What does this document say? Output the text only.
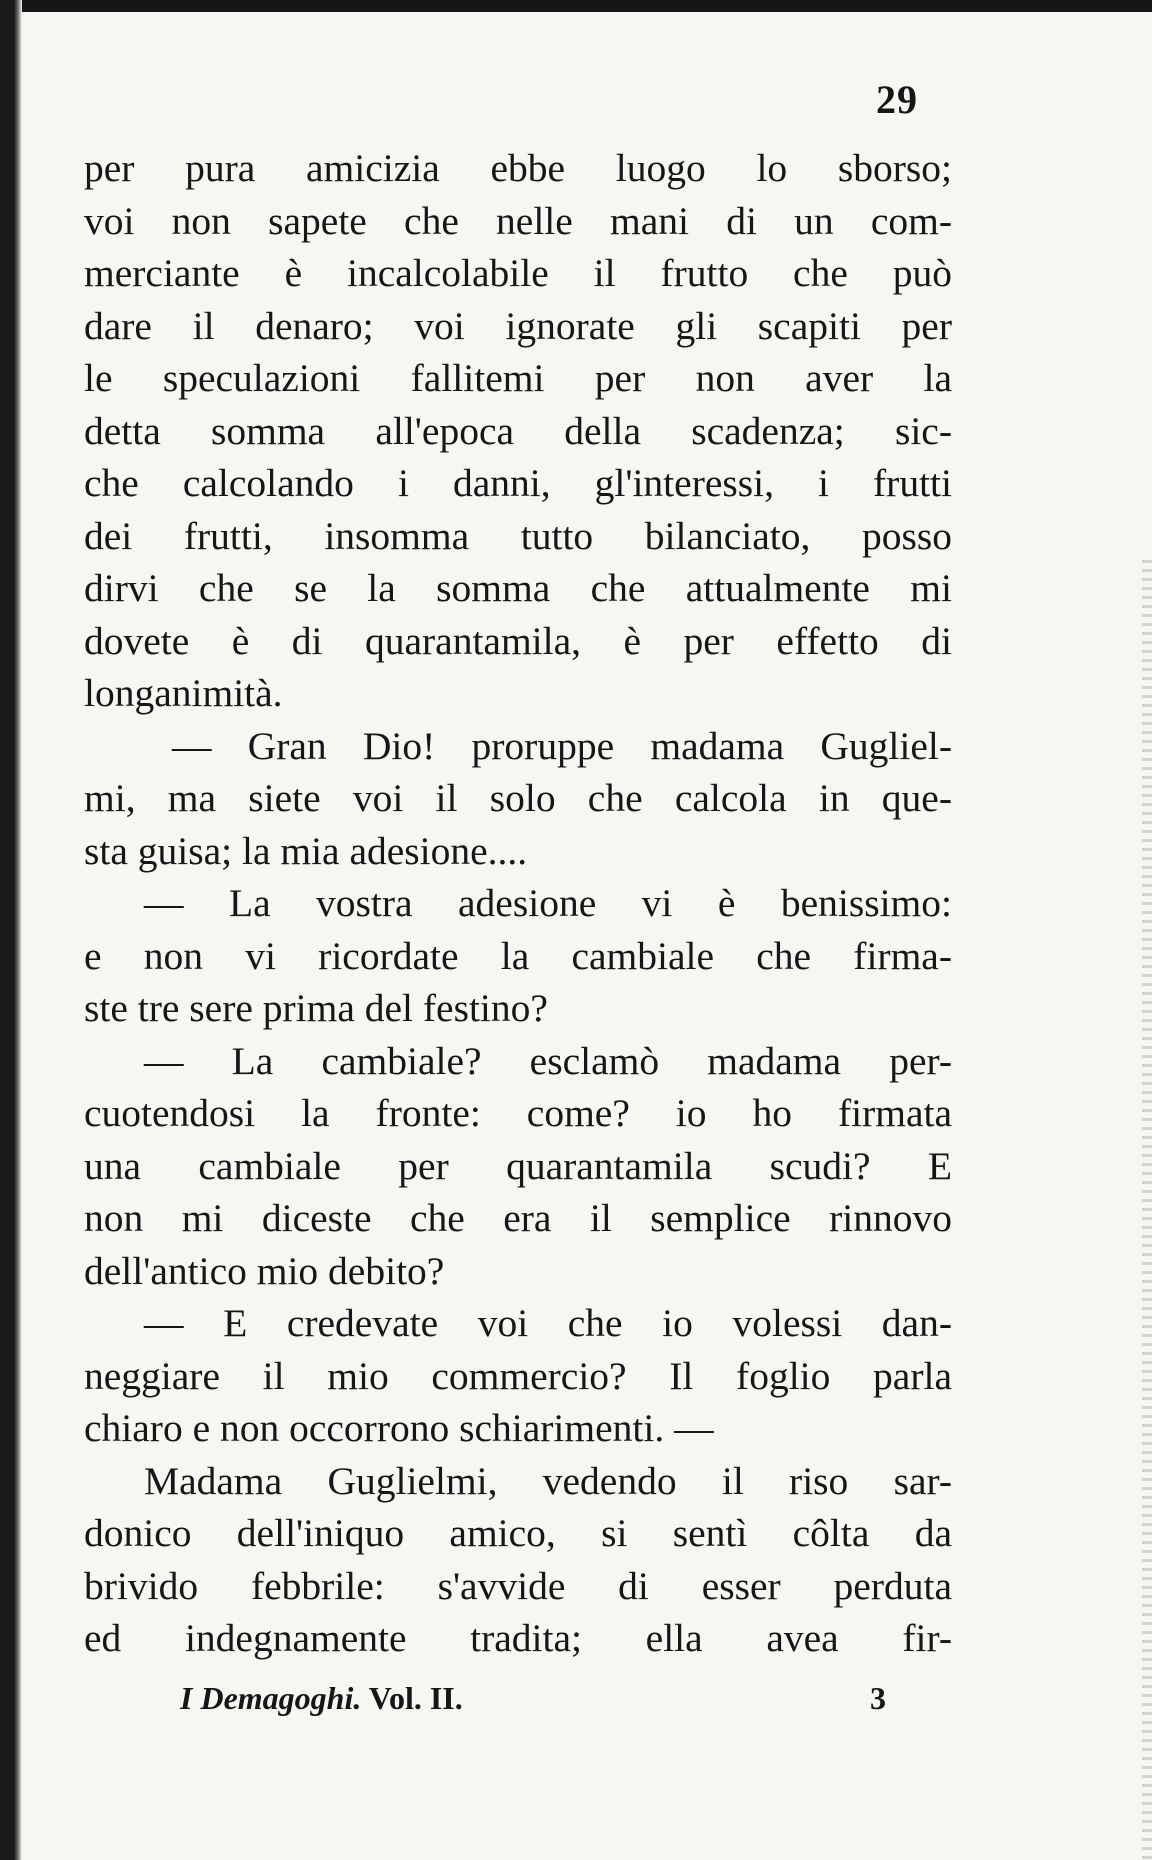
29
per pura amicizia ebbe luogo lo sborso;
voi non sapete che nelle mani di un com-
merciante è incalcolabile il frutto che può
dare il denaro; voi ignorate gli scapiti per
le speculazioni fallitemi per non aver la
detta somma all'epoca della scadenza; sic-
che calcolando i danni, gl'interessi, i frutti
dei frutti, insomma tutto bilanciato, posso
dirvi che se la somma che attualmente mi
dovete è di quarantamila, è per effetto di
longanimità.
— Gran Dio! proruppe madama Gugliel-
mi, ma siete voi il solo che calcola in que-
sta guisa; la mia adesione....
— La vostra adesione vi è benissimo:
e non vi ricordate la cambiale che firma-
ste tre sere prima del festino?
— La cambiale? esclamò madama per-
cuotendosi la fronte: come? io ho firmata
una cambiale per quarantamila scudi? E
non mi diceste che era il semplice rinnovo
dell'antico mio debito?
— E credevate voi che io volessi dan-
neggiare il mio commercio? Il foglio parla
chiaro e non occorrono schiarimenti. —
Madama Guglielmi, vedendo il riso sar-
donico dell'iniquo amico, si sentì côlta da
brivido febbrile: s'avvide di esser perduta
ed indegnamente tradita; ella avea fir-
I Demagoghi. Vol. II.	3
